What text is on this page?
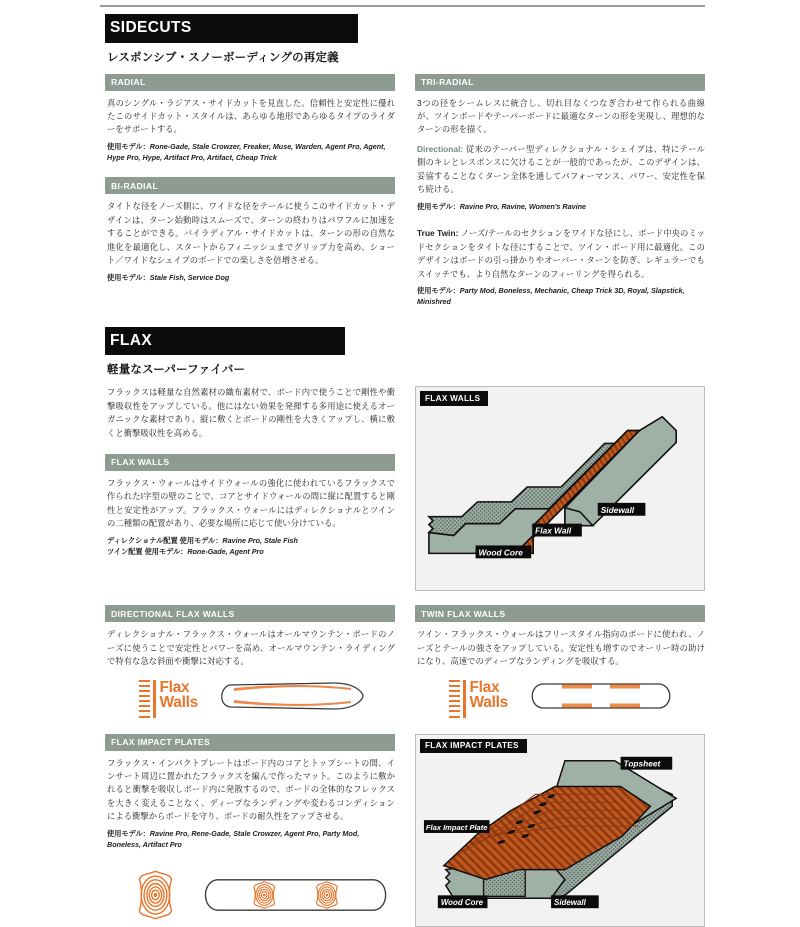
SIDECUTS
レスポンシブ・スノーボーディングの再定義
RADIAL

真のシングル・ラジアス・サイドカットを見直した。信頼性と安定性に優れたこのサイドカット・スタイルは、あらゆる地形であらゆるタイプのライダーをサポートする。

使用モデル：Rone-Gade, Stale Crowzer, Freaker, Muse, Warden, Agent Pro, Agent, Hype Pro, Hype, Artifact Pro, Artifact, Cheap Trick

BI-RADIAL

タイトな径をノーズ側に、ワイドな径をテールに使うこのサイドカット・デザインは、ターン始動時はスムーズで、ターンの終わりはパワフルに加速をすることができる。バイラディアル・サイドカットは、ターンの形の自然な進化を最適化し、スタートからフィニッシュまでグリップ力を高め、ショート／ワイドなシェイプのボードでの楽しさを倍増させる。

使用モデル：Stale Fish, Service Dog

TRI-RADIAL

3つの径をシームレスに統合し、切れ目なくつなぎ合わせて作られる曲線が、ツインボードやテーパーボードに最適なターンの形を実現し、理想的なターンの形を描く。

Directional: 従来のテーパー型ディレクショナル・シェイプは、特にテール側のキレとレスポンスに欠けることが一般的であったが、このデザインは、妥協することなくターン全体を通してパフォーマンス、パワー、安定性を保ち続ける。

使用モデル：Ravine Pro, Ravine, Women's Ravine

True Twin: ノーズ/テールのセクションをワイドな径にし、ボード中央のミッドセクションをタイトな径にすることで、ツイン・ボード用に最適化。このデザインはボードの引っ掛かりやオーバー・ターンを防ぎ、レギュラーでもスイッチでも、より自然なターンのフィーリングを得られる。

使用モデル：Party Mod, Boneless, Mechanic, Cheap Trick 3D, Royal, Slapstick, Minishred

FLAX
軽量なスーパーファイバー

フラックスは軽量な自然素材の織布素材で、ボード内で使うことで剛性や衝撃吸収性をアップしている。他にはない効果を発揮する多用途に使えるオーガニックな素材であり、縦に敷くとボードの剛性を大きくアップし、横に敷くと衝撃吸収性を高める。

FLAX WALLS

フラックス・ウォールはサイドウォールの強化に使われているフラックスで作られたI字型の壁のことで、コアとサイドウォールの間に縦に配置すると剛性と安定性がアップ。フラックス・ウォールにはディレクショナルとツインの二種類の配置があり、必要な場所に応じて使い分けている。

ディレクショナル配置 使用モデル：Ravine Pro, Stale Fish
ツイン配置 使用モデル：Rone-Gade, Agent Pro

FLAX WALLS
Sidewall
Flax Wall
Wood Core
DIRECTIONAL FLAX WALLS

ディレクショナル・フラックス・ウォールはオールマウンテン・ボードのノーズに使うことで安定性とパワーを高め、オールマウンテン・ライディングで特有な急な斜面や衝撃に対応する。

Flax
Walls
TWIN FLAX WALLS

ツイン・フラックス・ウォールはフリースタイル指向のボードに使われ、ノーズとテールの強さをアップしている。安定性も増すのでオーリー時の助けになり、高速でのディープなランディングを吸収する。

Flax
Walls
FLAX IMPACT PLATES

フラックス・インパクトプレートはボード内のコアとトップシートの間、インサート周辺に置かれたフラックスを編んで作ったマット。このように敷かれると衝撃を吸収しボード内に発散するので、ボードの全体的なフレックスを大きく変えることなく、ディープなランディングや変わるコンディションによる衝撃からボードを守り、ボードの耐久性をアップさせる。

使用モデル：Ravine Pro, Rene-Gade, Stale Crowzer, Agent Pro, Party Mod, Boneless, Artifact Pro

FLAX IMPACT PLATES
Topsheet
Flax Impact Plate
Wood Core	Sidewall
